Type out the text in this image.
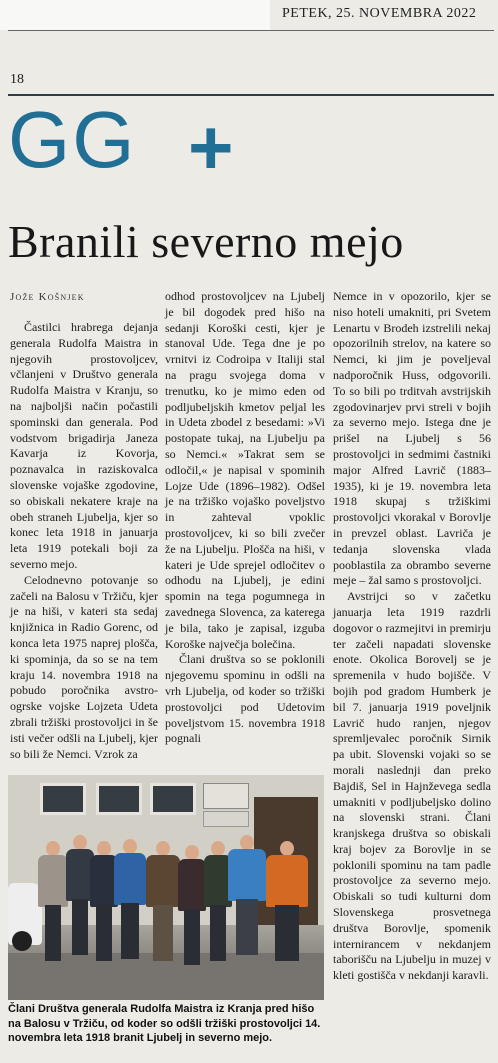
PETEK, 25. NOVEMBRA 2022
18
GG +
Branili severno mejo
Jože Košnjek

Častilci hrabrega dejanja generala Rudolfa Maistra in njegovih prostovoljcev, včlanjeni v Društvo generala Rudolfa Maistra v Kranju, so na najboljši način počastili spominski dan generala. Pod vodstvom brigadirja Janeza Kavarja iz Kovorja, poznavalca in raziskovalca slovenske vojaške zgodovine, so obiskali nekatere kraje na obeh straneh Ljubelja, kjer so konec leta 1918 in januarja leta 1919 potekali boji za severno mejo.

Celodnevno potovanje so začeli na Balosu v Tržiču, kjer je na hiši, v kateri sta sedaj knjižnica in Radio Gorenc, od konca leta 1975 naprej plošča, ki spominja, da so se na tem kraju 14. novembra 1918 na pobudo poročnika avstro-ogrske vojske Lojzeta Udeta zbrali tržiški prostovoljci in še isti večer odšli na Ljubelj, kjer so bili že Nemci. Vzrok za

odhod prostovoljcev na Ljubelj je bil dogodek pred hišo na sedanji Koroški cesti, kjer je stanoval Ude. Tega dne je po vrnitvi iz Codroipa v Italiji stal na pragu svojega doma v trenutku, ko je mimo eden od podljubeljskih kmetov peljal les in Udeta zbodel z besedami: »Vi postopate tukaj, na Ljubelju pa so Nemci.« »Takrat sem se odločil,« je napisal v spominih Lojze Ude (1896–1982). Odšel je na tržiško vojaško poveljstvo in zahteval vpoklic prostovoljcev, ki so bili zvečer že na Ljubelju. Plošča na hiši, v kateri je Ude sprejel odločitev o odhodu na Ljubelj, je edini spomin na tega pogumnega in zavednega Slovenca, za katerega je bila, tako je zapisal, izguba Koroške največja bolečina.

Člani društva so se poklonili njegovemu spominu in odšli na vrh Ljubelja, od koder so tržiški prostovoljci pod Udetovim poveljstvom 15. novembra 1918 pognali

Nemce in v opozorilo, kjer se niso hoteli umakniti, pri Svetem Lenartu v Brodeh izstrelili nekaj opozorilnih strelov, na katere so Nemci, ki jim je poveljeval nadporočnik Huss, odgovorili. To so bili po trditvah avstrijskih zgodovinarjev prvi streli v bojih za severno mejo. Istega dne je prišel na Ljubelj s 56 prostovoljci in sedmimi častniki major Alfred Lavrič (1883–1935), ki je 19. novembra leta 1918 skupaj s tržiškimi prostovoljci vkorakal v Borovlje in prevzel oblast. Lavriča je tedanja slovenska vlada pooblastila za obrambo severne meje – žal samo s prostovoljci.

Avstrijci so v začetku januarja leta 1919 razdrli dogovor o razmejitvi in premirju ter začeli napadati slovenske enote. Okolica Borovelj se je spremenila v hudo bojišče. V bojih pod gradom Humberk je bil 7. januarja 1919 poveljnik Lavrič hudo ranjen, njegov spremljevalec poročnik Sirnik pa ubit. Slovenski vojaki so se morali naslednji dan preko Bajdiš, Sel in Hajnževega sedla umakniti v podljubeljsko dolino na slovenski strani. Člani kranjskega društva so obiskali kraj bojev za Borovlje in se poklonili spominu na tam padle prostovoljce za severno mejo. Obiskali so tudi kulturni dom Slovenskega prosvetnega društva Borovlje, spomenik internirancem v nekdanjem taborišču na Ljubelju in muzej v kleti gostišča v nekdanji karavli.

Člani Društva generala Rudolfa Maistra iz Kranja pred hišo na Balosu v Tržiču, od koder so odšli tržiški prostovoljci 14. novembra leta 1918 branit Ljubelj in severno mejo.
